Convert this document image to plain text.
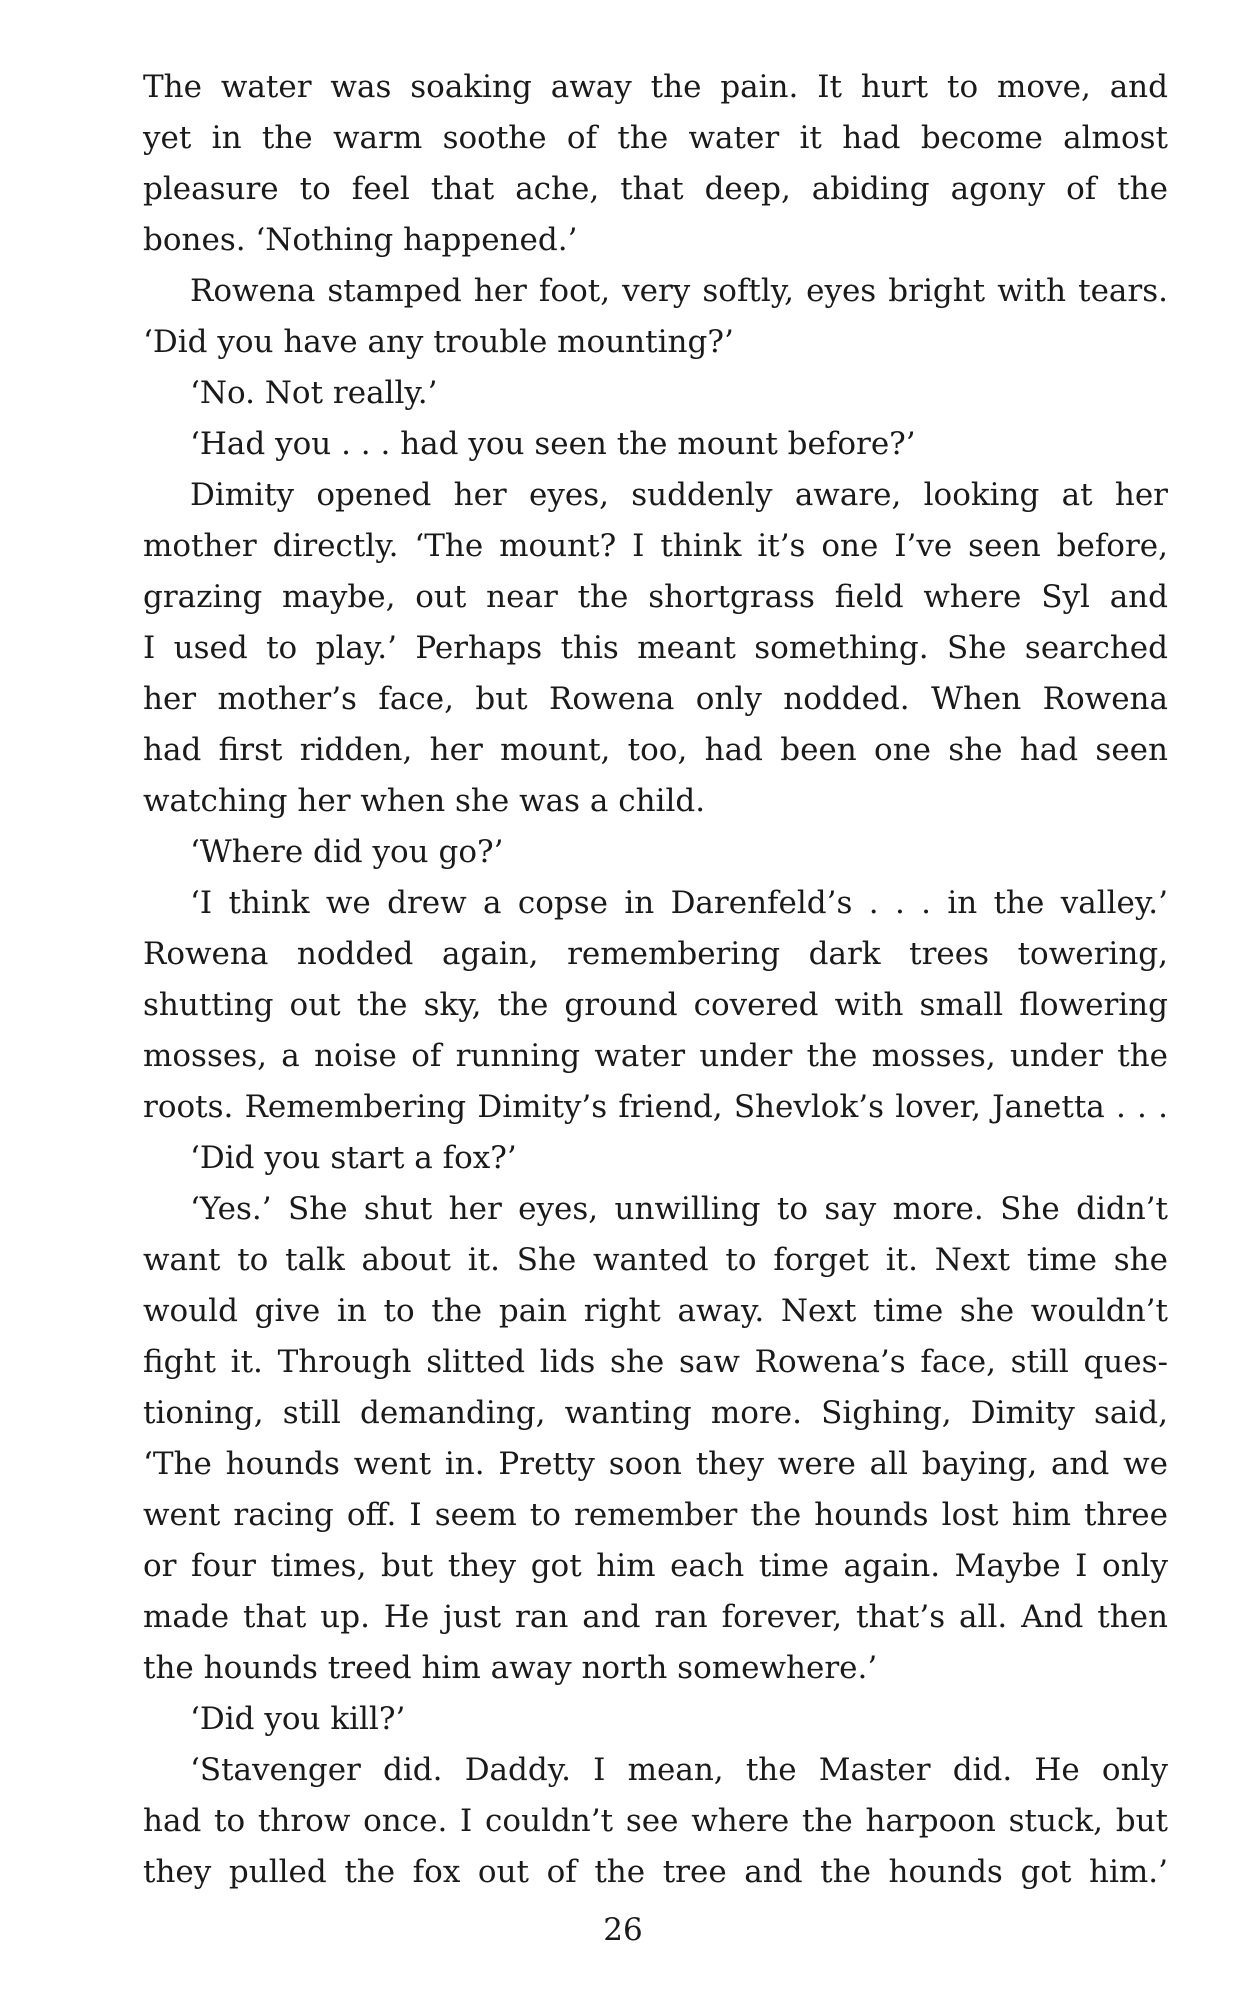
The water was soaking away the pain. It hurt to move, and
yet in the warm soothe of the water it had become almost
pleasure to feel that ache, that deep, abiding agony of the
bones. ‘Nothing happened.’
Rowena stamped her foot, very softly, eyes bright with tears.
‘Did you have any trouble mounting?’
‘No. Not really.’
‘Had you . . . had you seen the mount before?’
Dimity opened her eyes, suddenly aware, looking at her
mother directly. ‘The mount? I think it’s one I’ve seen before,
grazing maybe, out near the shortgrass field where Syl and
I used to play.’ Perhaps this meant something. She searched
her mother’s face, but Rowena only nodded. When Rowena
had first ridden, her mount, too, had been one she had seen
watching her when she was a child.
‘Where did you go?’
‘I think we drew a copse in Darenfeld’s . . . in the valley.’
Rowena nodded again, remembering dark trees towering,
shutting out the sky, the ground covered with small flowering
mosses, a noise of running water under the mosses, under the
roots. Remembering Dimity’s friend, Shevlok’s lover, Janetta . . .
‘Did you start a fox?’
‘Yes.’ She shut her eyes, unwilling to say more. She didn’t
want to talk about it. She wanted to forget it. Next time she
would give in to the pain right away. Next time she wouldn’t
fight it. Through slitted lids she saw Rowena’s face, still ques-
tioning, still demanding, wanting more. Sighing, Dimity said,
‘The hounds went in. Pretty soon they were all baying, and we
went racing off. I seem to remember the hounds lost him three
or four times, but they got him each time again. Maybe I only
made that up. He just ran and ran forever, that’s all. And then
the hounds treed him away north somewhere.’
‘Did you kill?’
‘Stavenger did. Daddy. I mean, the Master did. He only
had to throw once. I couldn’t see where the harpoon stuck, but
they pulled the fox out of the tree and the hounds got him.’
26
